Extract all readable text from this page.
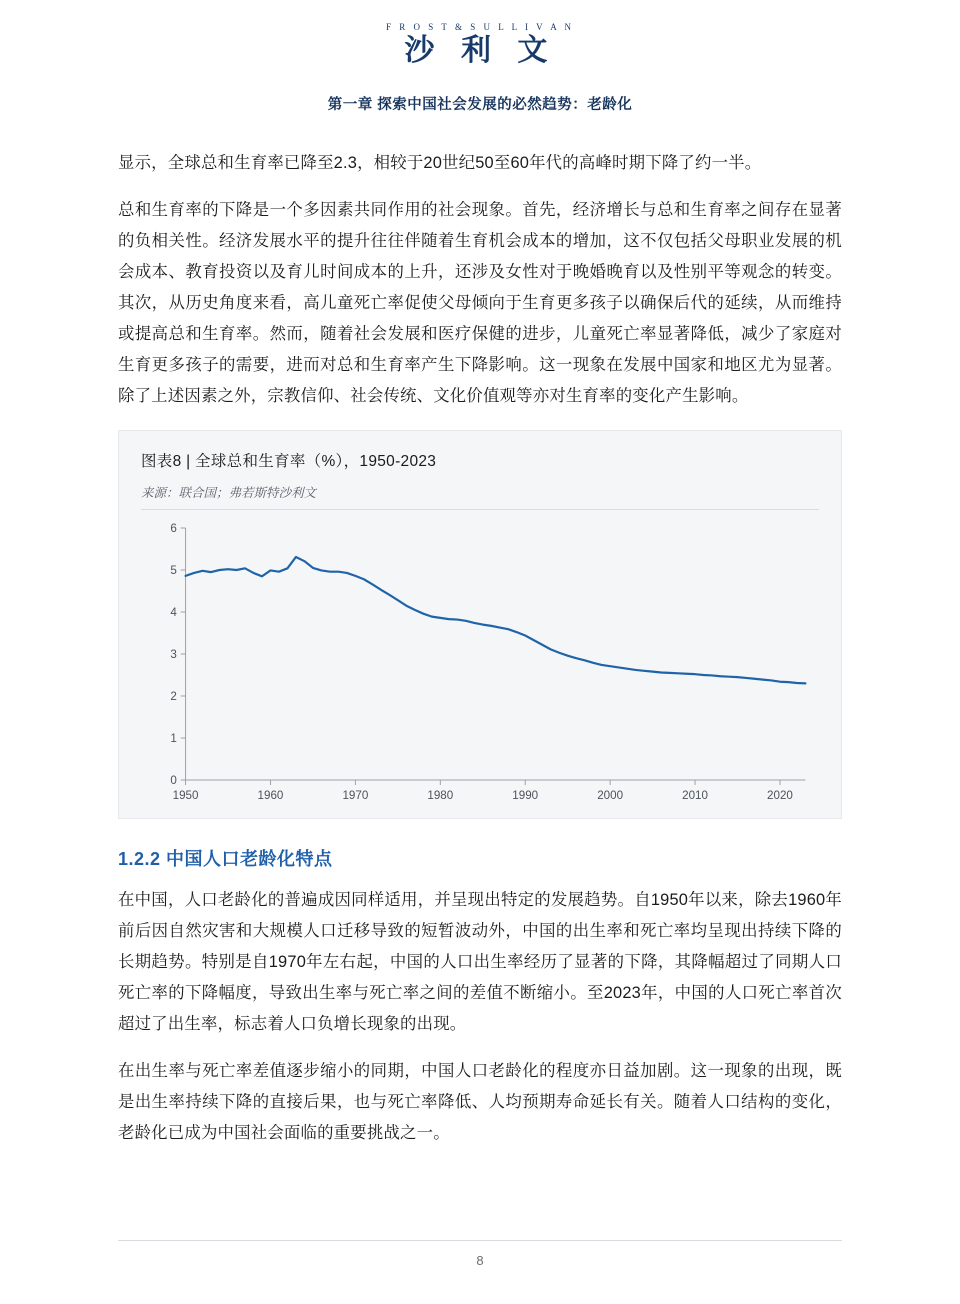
F R O S T & S U L L I V A N
沙 利 文
第一章 探索中国社会发展的必然趋势：老龄化

显示，全球总和生育率已降至2.3，相较于20世纪50至60年代的高峰时期下降了约一半。

总和生育率的下降是一个多因素共同作用的社会现象。首先，经济增长与总和生育率之间存在显著的负相关性。经济发展水平的提升往往伴随着生育机会成本的增加，这不仅包括父母职业发展的机会成本、教育投资以及育儿时间成本的上升，还涉及女性对于晚婚晚育以及性别平等观念的转变。其次，从历史角度来看，高儿童死亡率促使父母倾向于生育更多孩子以确保后代的延续，从而维持或提高总和生育率。然而，随着社会发展和医疗保健的进步，儿童死亡率显著降低，减少了家庭对生育更多孩子的需要，进而对总和生育率产生下降影响。这一现象在发展中国家和地区尤为显著。除了上述因素之外，宗教信仰、社会传统、文化价值观等亦对生育率的变化产生影响。

图表8 | 全球总和生育率（%），1950-2023
来源：联合国；弗若斯特沙利文
0
1
2
3
4
5
6
1950	1960	1970	1980	1990	2000	2010	2020
1.2.2 中国人口老龄化特点

在中国，人口老龄化的普遍成因同样适用，并呈现出特定的发展趋势。自1950年以来，除去1960年前后因自然灾害和大规模人口迁移导致的短暂波动外，中国的出生率和死亡率均呈现出持续下降的长期趋势。特别是自1970年左右起，中国的人口出生率经历了显著的下降，其降幅超过了同期人口死亡率的下降幅度，导致出生率与死亡率之间的差值不断缩小。至2023年，中国的人口死亡率首次超过了出生率，标志着人口负增长现象的出现。

在出生率与死亡率差值逐步缩小的同期，中国人口老龄化的程度亦日益加剧。这一现象的出现，既是出生率持续下降的直接后果，也与死亡率降低、人均预期寿命延长有关。随着人口结构的变化，老龄化已成为中国社会面临的重要挑战之一。

8
